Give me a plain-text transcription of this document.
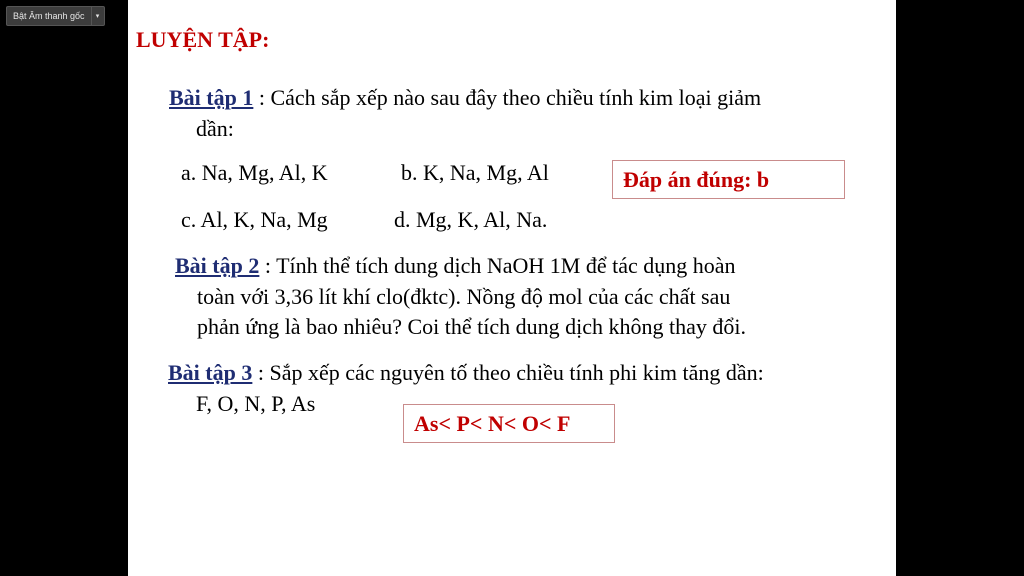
Bật Âm thanh gốc	▾
LUYỆN TẬP:
Bài tập 1 : Cách sắp xếp nào sau đây theo chiều tính kim loại giảm
dần:
a. Na, Mg, Al, K	b. K, Na, Mg, Al
c. Al, K, Na, Mg	d. Mg, K, Al, Na.
Đáp án đúng: b
Bài tập 2 : Tính thể tích dung dịch NaOH 1M để tác dụng hoàn
toàn với 3,36 lít khí clo(đktc). Nồng độ mol của các chất sau
phản ứng là bao nhiêu? Coi thể tích dung dịch không thay đổi.
Bài tập 3 : Sắp xếp các nguyên tố theo chiều tính phi kim tăng dần:
F, O, N, P, As
As< P< N< O< F
